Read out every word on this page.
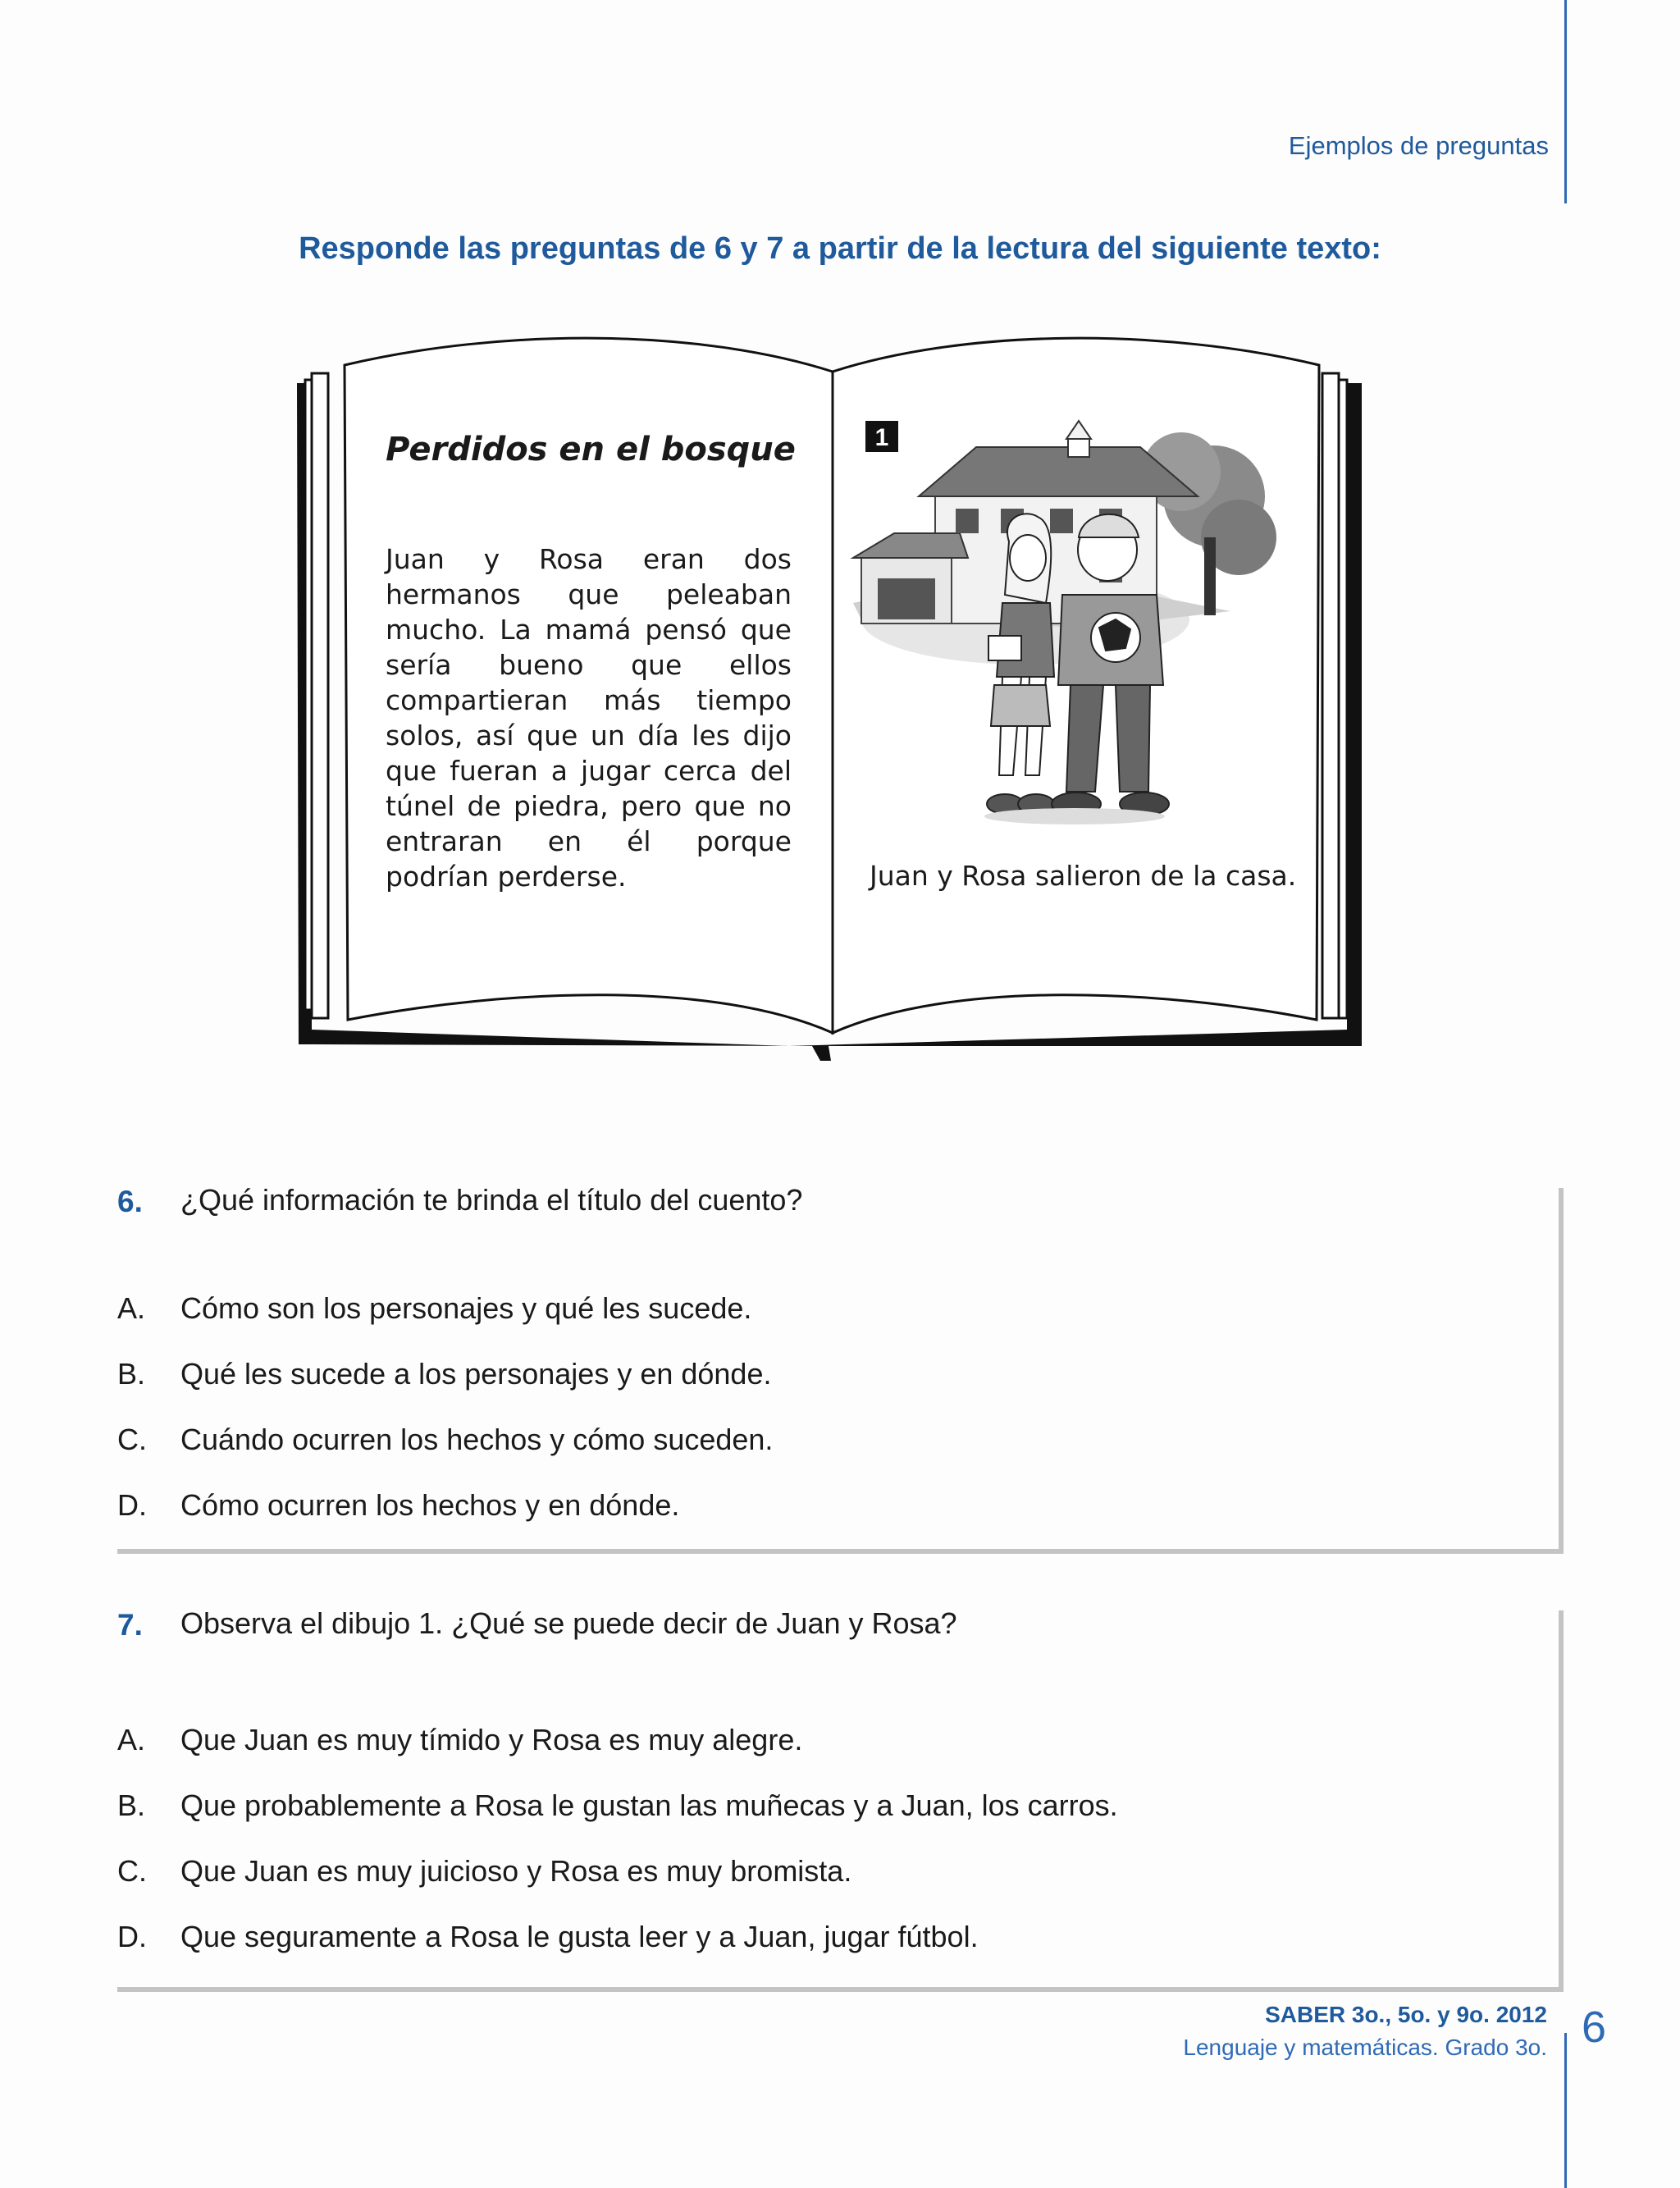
Ejemplos de preguntas
Responde las preguntas de 6 y 7 a partir de la lectura del siguiente texto:
1
Perdidos en el bosque
Juan y Rosa eran dos hermanos que peleaban mucho. La mamá pensó que sería bueno que ellos compartieran más tiempo solos, así que un día les dijo que fueran a jugar cerca del túnel de piedra, pero que no entraran en él porque podrían perderse.	Juan y Rosa salieron de la casa.
6. ¿Qué información te brinda el título del cuento?
A. Cómo son los personajes y qué les sucede.
B. Qué les sucede a los personajes y en dónde.
C. Cuándo ocurren los hechos y cómo suceden.
D. Cómo ocurren los hechos y en dónde.
7. Observa el dibujo 1. ¿Qué se puede decir de Juan y Rosa?
A. Que Juan es muy tímido y Rosa es muy alegre.
B. Que probablemente a Rosa le gustan las muñecas y a Juan, los carros.
C. Que Juan es muy juicioso y Rosa es muy bromista.
D. Que seguramente a Rosa le gusta leer y a Juan, jugar fútbol.
SABER 3o., 5o. y 9o. 2012
Lenguaje y matemáticas. Grado 3o. 6
